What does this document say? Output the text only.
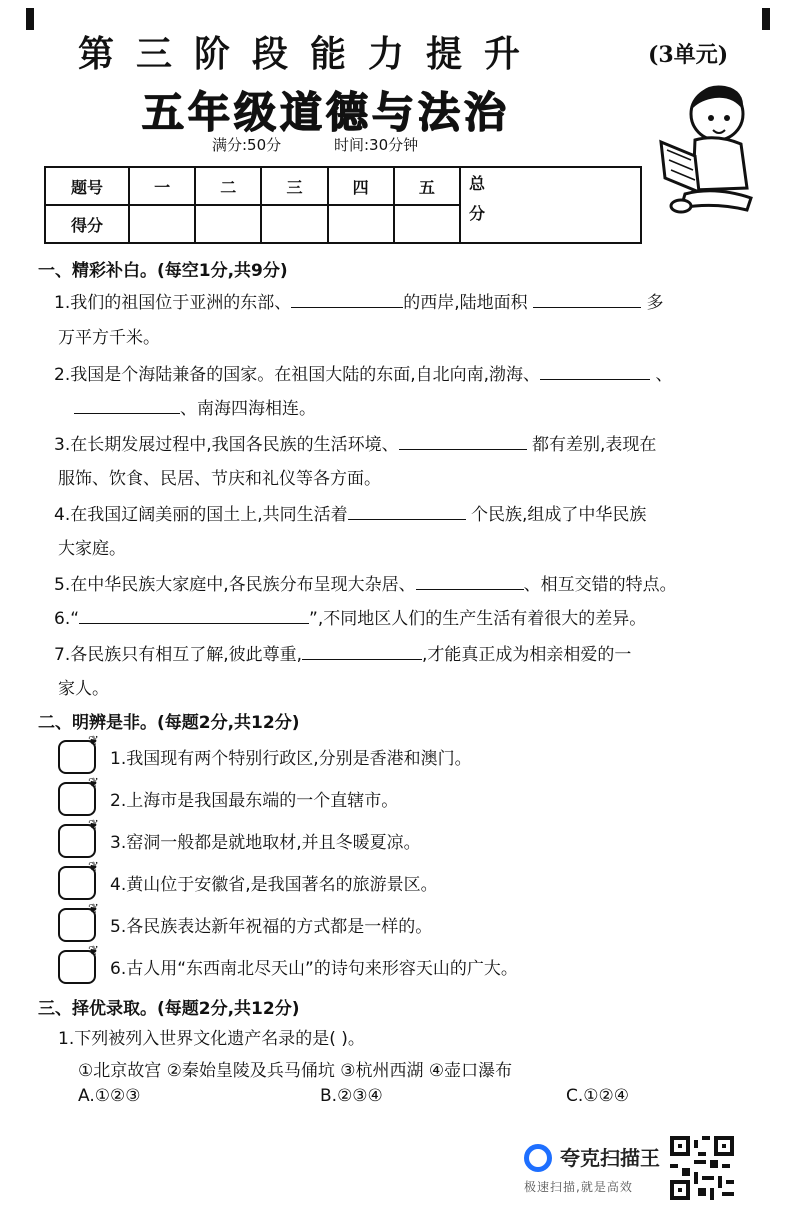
第三阶段能力提升	(3单元)
五年级道德与法治
满分:50分	时间:30分钟
题号	一	二	三	四	五	总
分
得分						
一、精彩补白。(每空1分,共9分)
1.我们的祖国位于亚洲的东部、	的西岸,陆地面积	多
万平方千米。
2.我国是个海陆兼备的国家。在祖国大陆的东面,自北向南,渤海、	、
、南海四海相连。
3.在长期发展过程中,我国各民族的生活环境、	都有差别,表现在
服饰、饮食、民居、节庆和礼仪等各方面。
4.在我国辽阔美丽的国土上,共同生活着	个民族,组成了中华民族
大家庭。
5.在中华民族大家庭中,各民族分布呈现大杂居、	、相互交错的特点。
6.“	”,不同地区人们的生产生活有着很大的差异。
7.各民族只有相互了解,彼此尊重,	,才能真正成为相亲相爱的一
家人。
二、明辨是非。(每题2分,共12分)
❦
1.我国现有两个特别行政区,分别是香港和澳门。
❦
2.上海市是我国最东端的一个直辖市。
❦
3.窑洞一般都是就地取材,并且冬暖夏凉。
❦
4.黄山位于安徽省,是我国著名的旅游景区。
❦
5.各民族表达新年祝福的方式都是一样的。
❦
6.古人用“东西南北尽天山”的诗句来形容天山的广大。
三、择优录取。(每题2分,共12分)
1.下列被列入世界文化遗产名录的是( )。
①北京故宫 ②秦始皇陵及兵马俑坑 ③杭州西湖 ④壶口瀑布
A.①②③	B.②③④	C.①②④
夸克扫描王
极速扫描,就是高效
